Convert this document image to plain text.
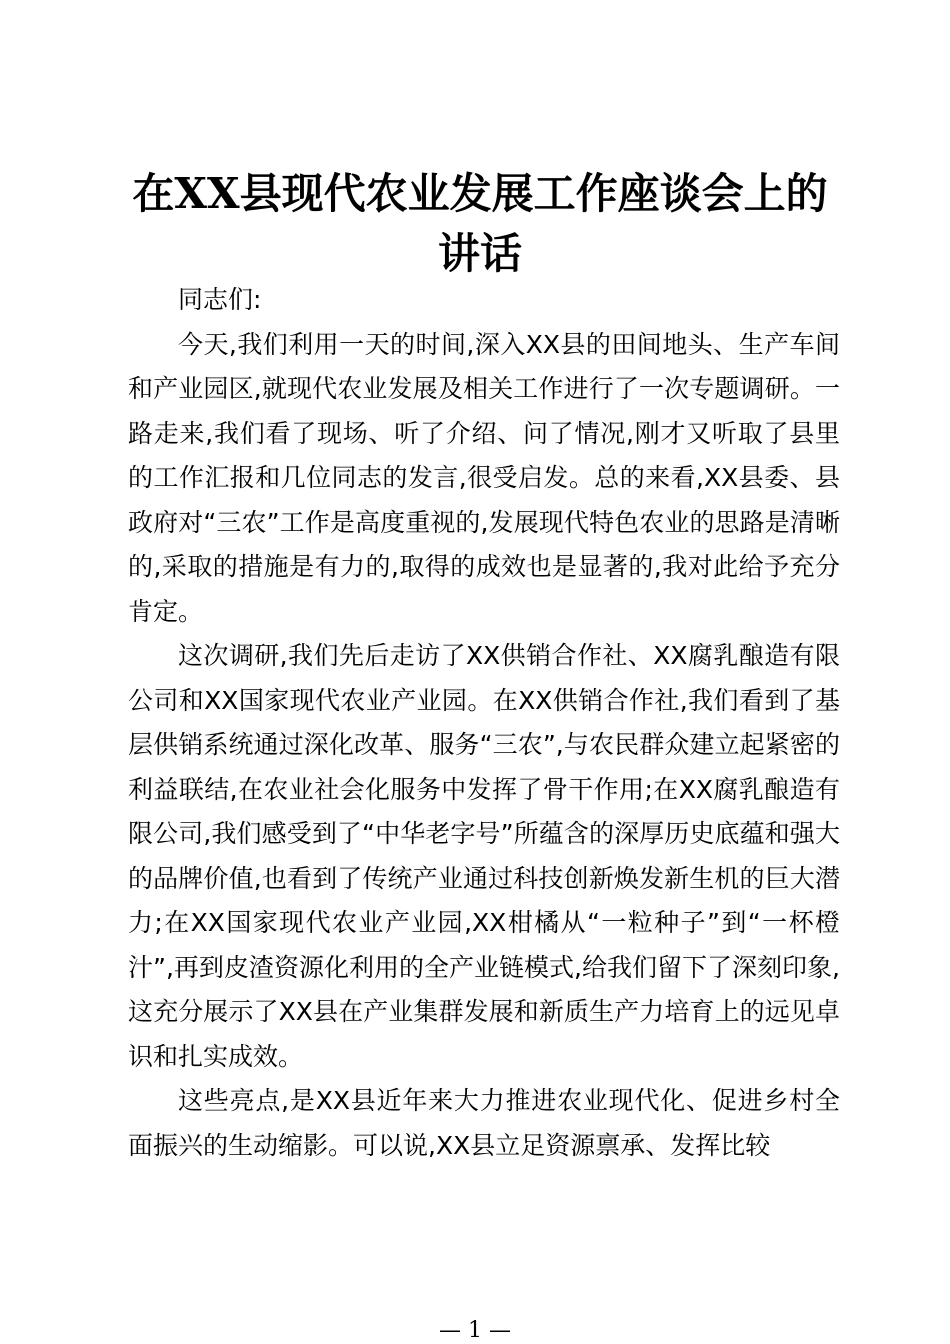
在XX县现代农业发展工作座谈会上的讲话

同志们:

今天,我们利用一天的时间,深入XX县的田间地头、生产车间和产业园区,就现代农业发展及相关工作进行了一次专题调研。一路走来,我们看了现场、听了介绍、问了情况,刚才又听取了县里的工作汇报和几位同志的发言,很受启发。总的来看,XX县委、县政府对“三农”工作是高度重视的,发展现代特色农业的思路是清晰的,采取的措施是有力的,取得的成效也是显著的,我对此给予充分肯定。

这次调研,我们先后走访了XX供销合作社、XX腐乳酿造有限公司和XX国家现代农业产业园。在XX供销合作社,我们看到了基层供销系统通过深化改革、服务“三农”,与农民群众建立起紧密的利益联结,在农业社会化服务中发挥了骨干作用;在XX腐乳酿造有限公司,我们感受到了“中华老字号”所蕴含的深厚历史底蕴和强大的品牌价值,也看到了传统产业通过科技创新焕发新生机的巨大潜力;在XX国家现代农业产业园,XX柑橘从“一粒种子”到“一杯橙汁”,再到皮渣资源化利用的全产业链模式,给我们留下了深刻印象,这充分展示了XX县在产业集群发展和新质生产力培育上的远见卓识和扎实成效。

这些亮点,是XX县近年来大力推进农业现代化、促进乡村全面振兴的生动缩影。可以说,XX县立足资源禀承、发挥比较

— 1 —
